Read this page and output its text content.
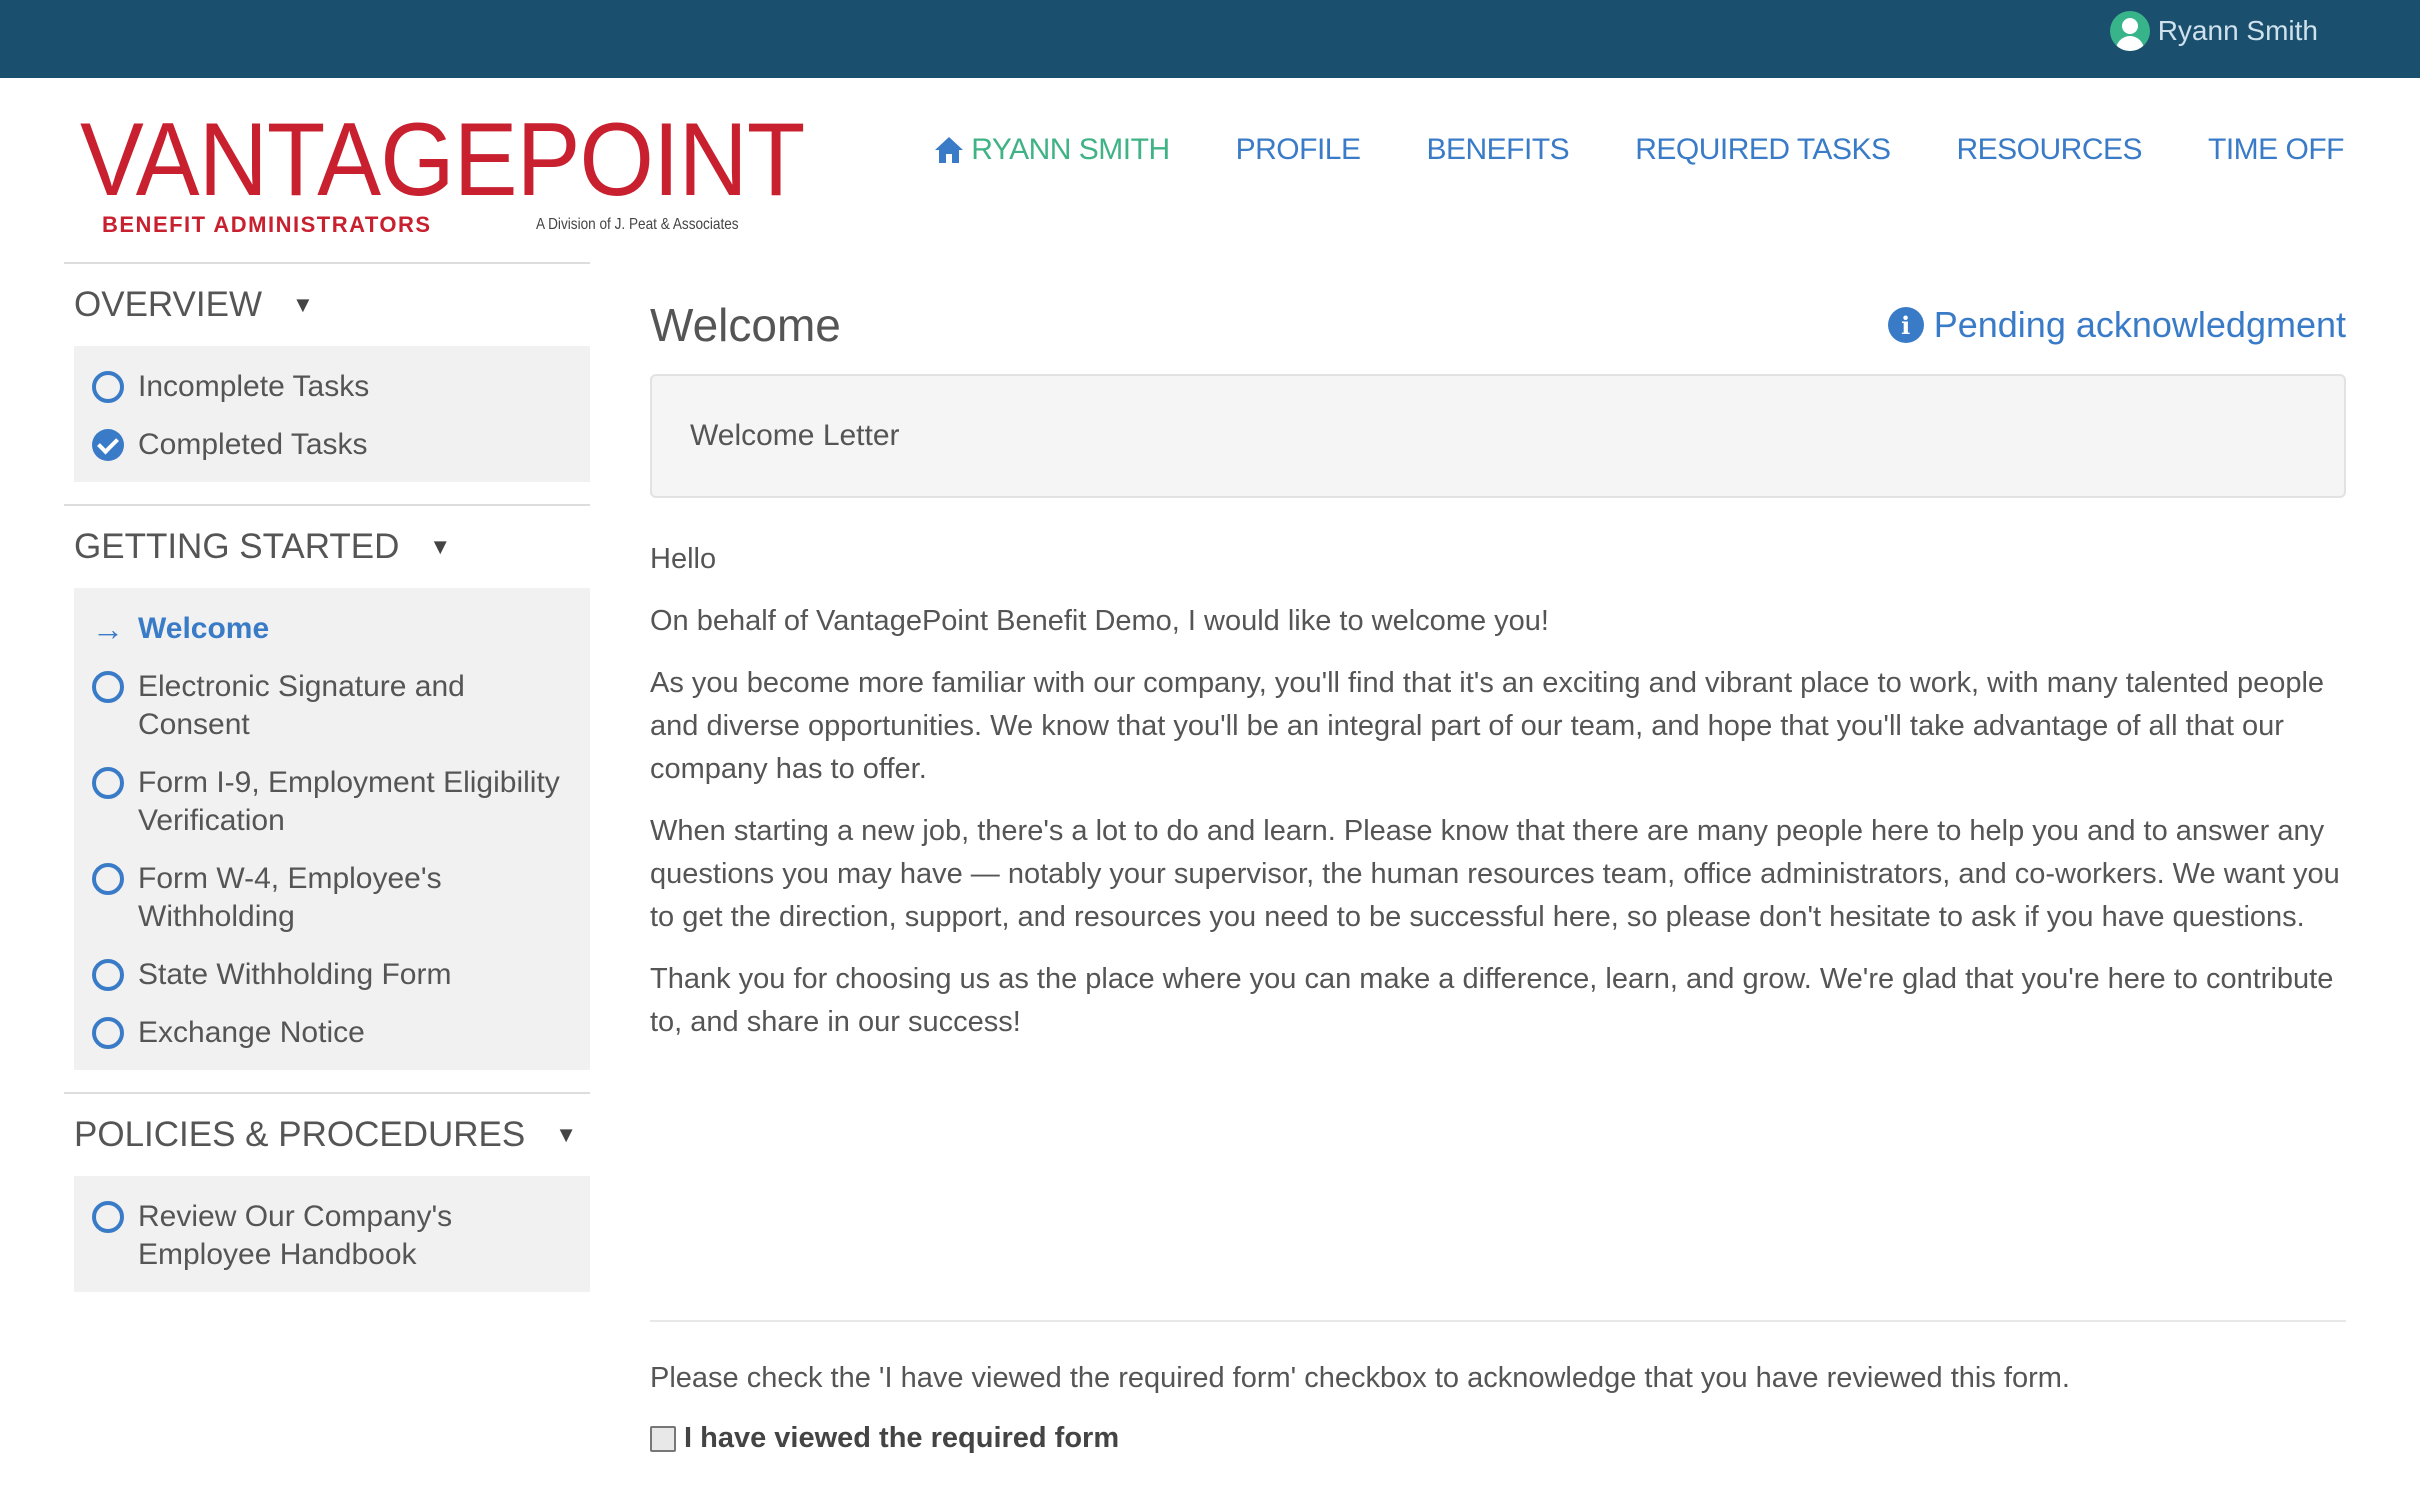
Ryann Smith
VANTAGEPOINT
BENEFIT ADMINISTRATORS	A Division of J. Peat & Associates
RYANN SMITH PROFILE BENEFITS REQUIRED TASKS RESOURCES TIME OFF
OVERVIEW ▼
Incomplete Tasks
Completed Tasks
GETTING STARTED ▼
→ Welcome
Electronic Signature and Consent
Form I-9, Employment Eligibility Verification
Form W-4, Employee's Withholding
State Withholding Form
Exchange Notice
POLICIES & PROCEDURES ▼
Review Our Company's Employee Handbook
Welcome	i Pending acknowledgment
Welcome Letter

Hello

On behalf of VantagePoint Benefit Demo, I would like to welcome you!

As you become more familiar with our company, you'll find that it's an exciting and vibrant place to work, with many talented people and diverse opportunities. We know that you'll be an integral part of our team, and hope that you'll take advantage of all that our company has to offer.

When starting a new job, there's a lot to do and learn. Please know that there are many people here to help you and to answer any questions you may have — notably your supervisor, the human resources team, office administrators, and co-workers. We want you to get the direction, support, and resources you need to be successful here, so please don't hesitate to ask if you have questions.

Thank you for choosing us as the place where you can make a difference, learn, and grow. We're glad that you're here to contribute to, and share in our success!

Please check the 'I have viewed the required form' checkbox to acknowledge that you have reviewed this form.
I have viewed the required form
